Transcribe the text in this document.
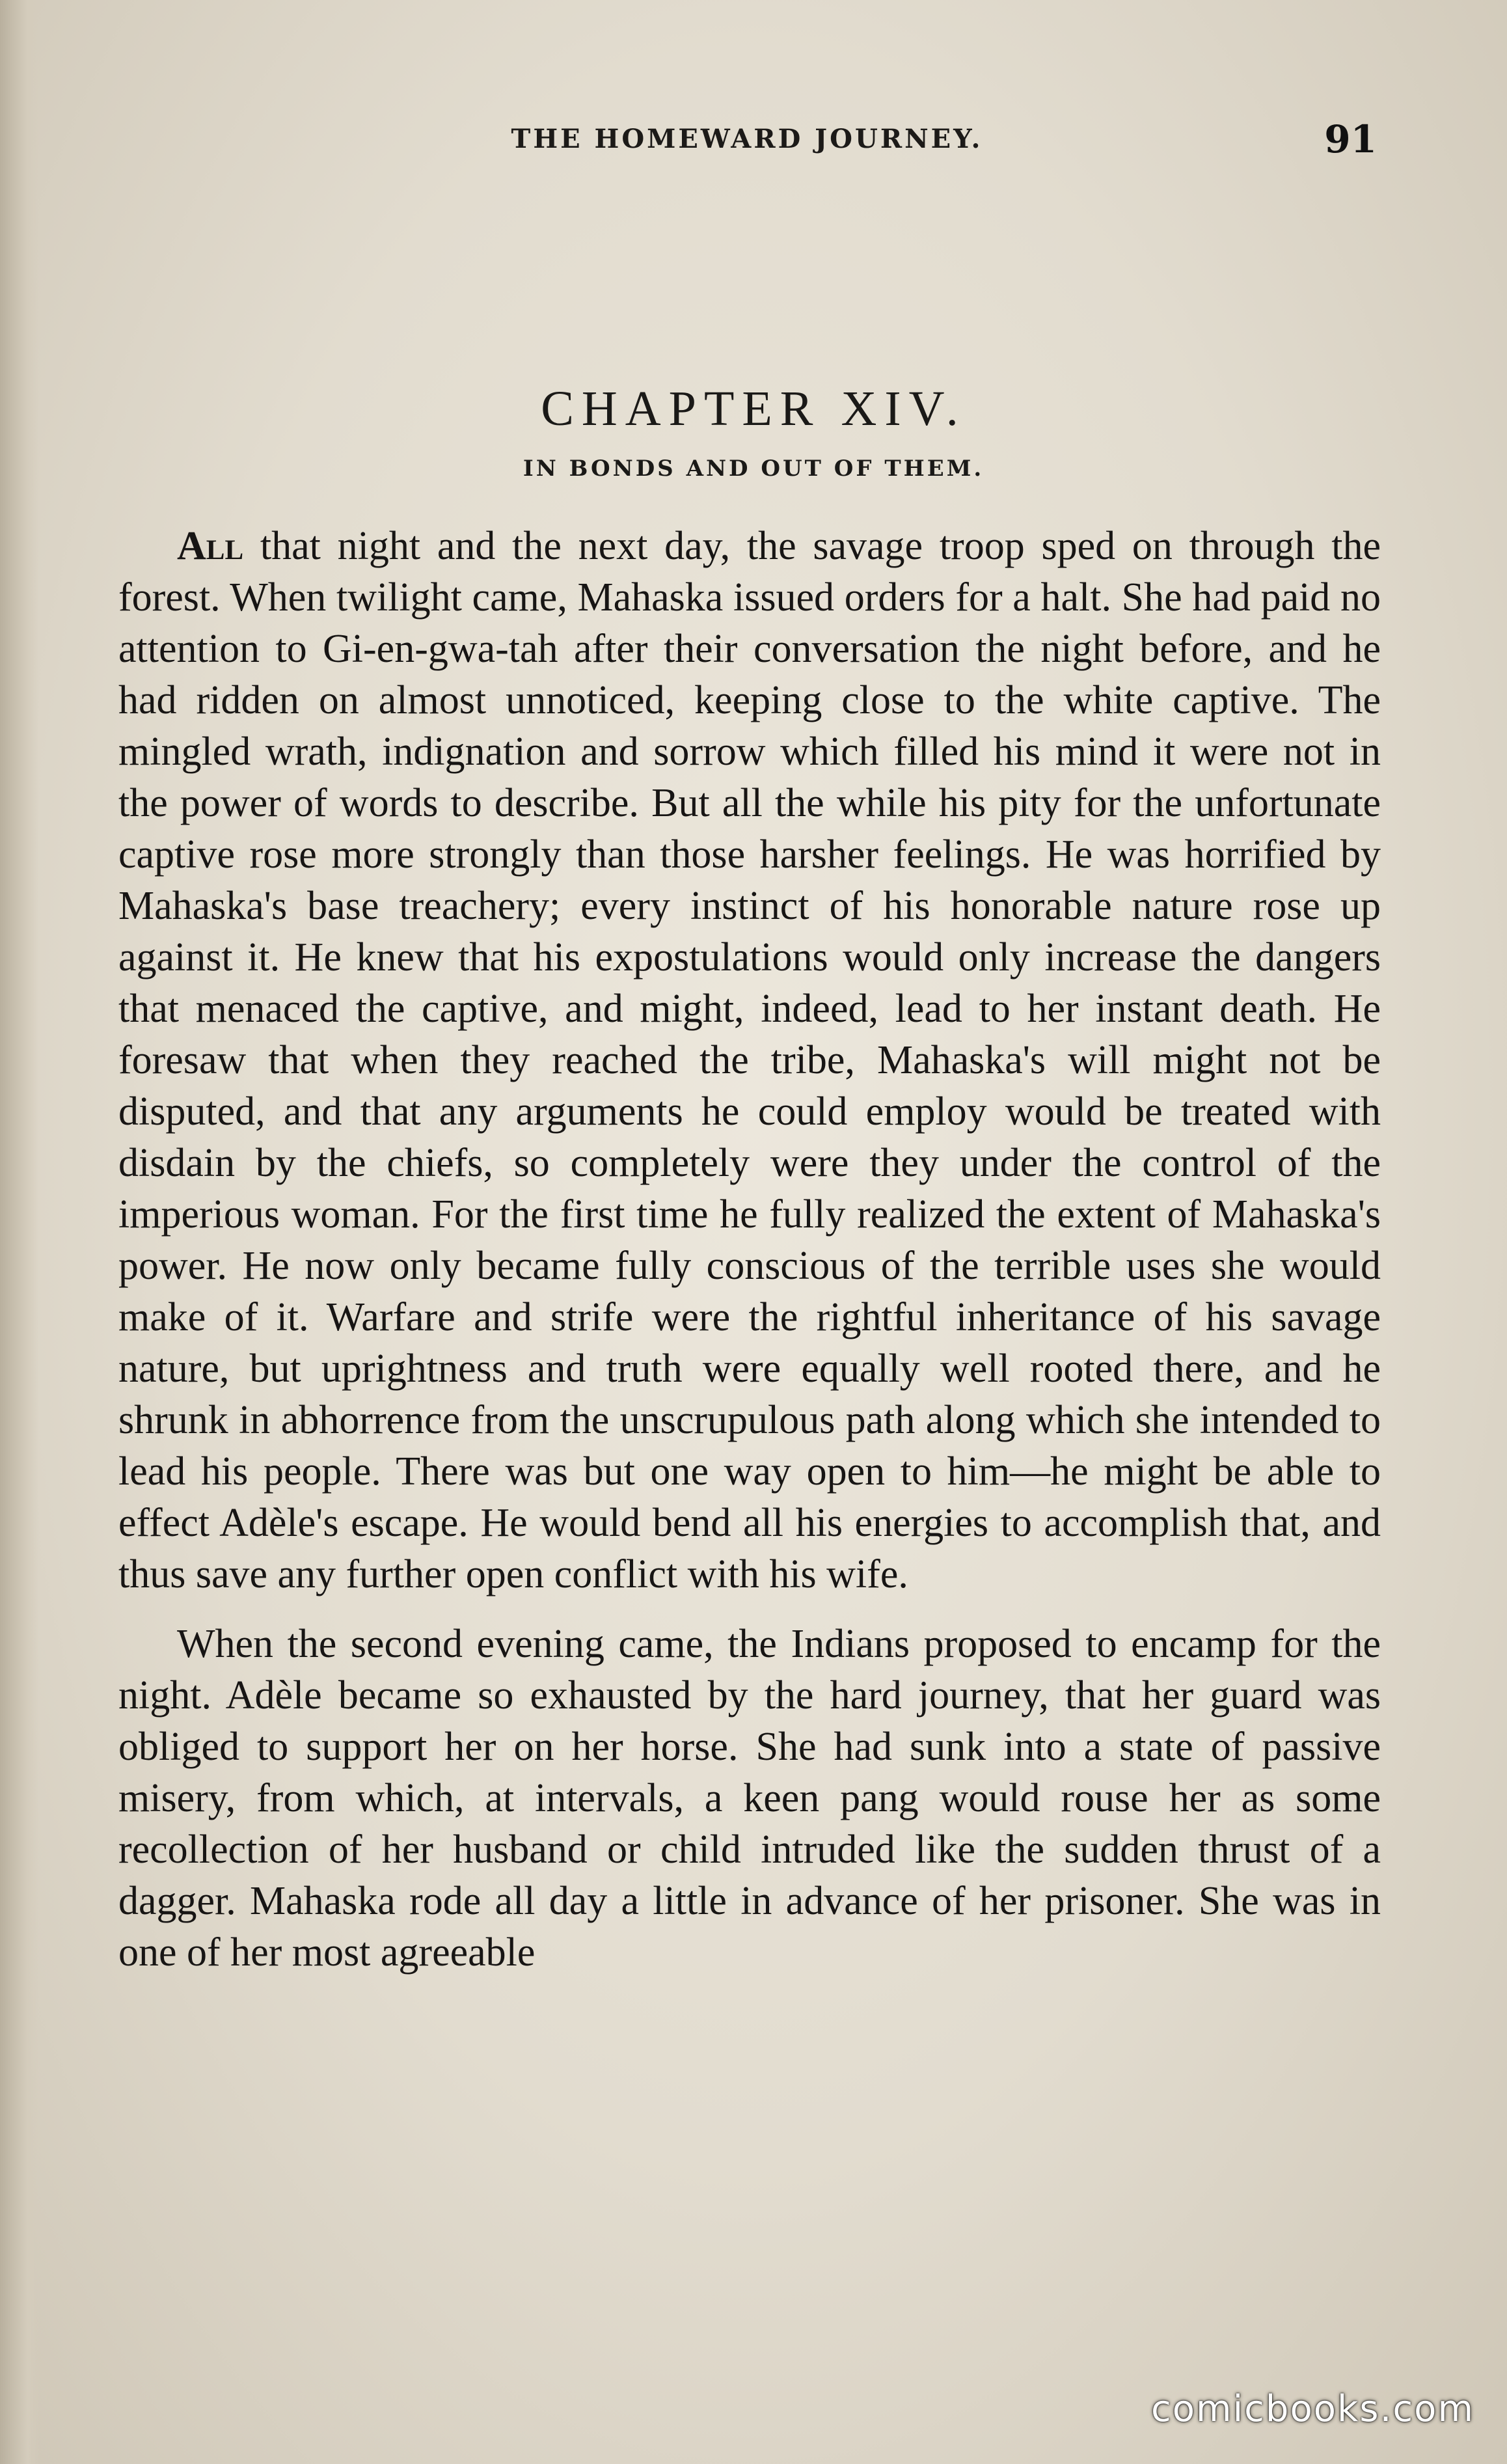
THE HOMEWARD JOURNEY.	91
CHAPTER XIV.
IN BONDS AND OUT OF THEM.

All that night and the next day, the savage troop sped on through the forest. When twilight came, Mahaska issued orders for a halt. She had paid no attention to Gi-en-gwa-tah after their conversation the night before, and he had ridden on almost unnoticed, keeping close to the white captive. The mingled wrath, indignation and sorrow which filled his mind it were not in the power of words to describe. But all the while his pity for the unfortunate captive rose more strongly than those harsher feelings. He was horrified by Mahaska's base treachery; every instinct of his honorable nature rose up against it. He knew that his expostulations would only increase the dangers that menaced the captive, and might, indeed, lead to her instant death. He foresaw that when they reached the tribe, Mahaska's will might not be disputed, and that any arguments he could employ would be treated with disdain by the chiefs, so completely were they under the control of the imperious woman. For the first time he fully realized the extent of Mahaska's power. He now only became fully conscious of the terrible uses she would make of it. Warfare and strife were the rightful inheritance of his savage nature, but uprightness and truth were equally well rooted there, and he shrunk in abhorrence from the unscrupulous path along which she intended to lead his people. There was but one way open to him—he might be able to effect Adèle's escape. He would bend all his energies to accomplish that, and thus save any further open conflict with his wife.

When the second evening came, the Indians proposed to encamp for the night. Adèle became so exhausted by the hard journey, that her guard was obliged to support her on her horse. She had sunk into a state of passive misery, from which, at intervals, a keen pang would rouse her as some recollection of her husband or child intruded like the sudden thrust of a dagger. Mahaska rode all day a little in advance of her prisoner. She was in one of her most agreeable

comicbooks.com
